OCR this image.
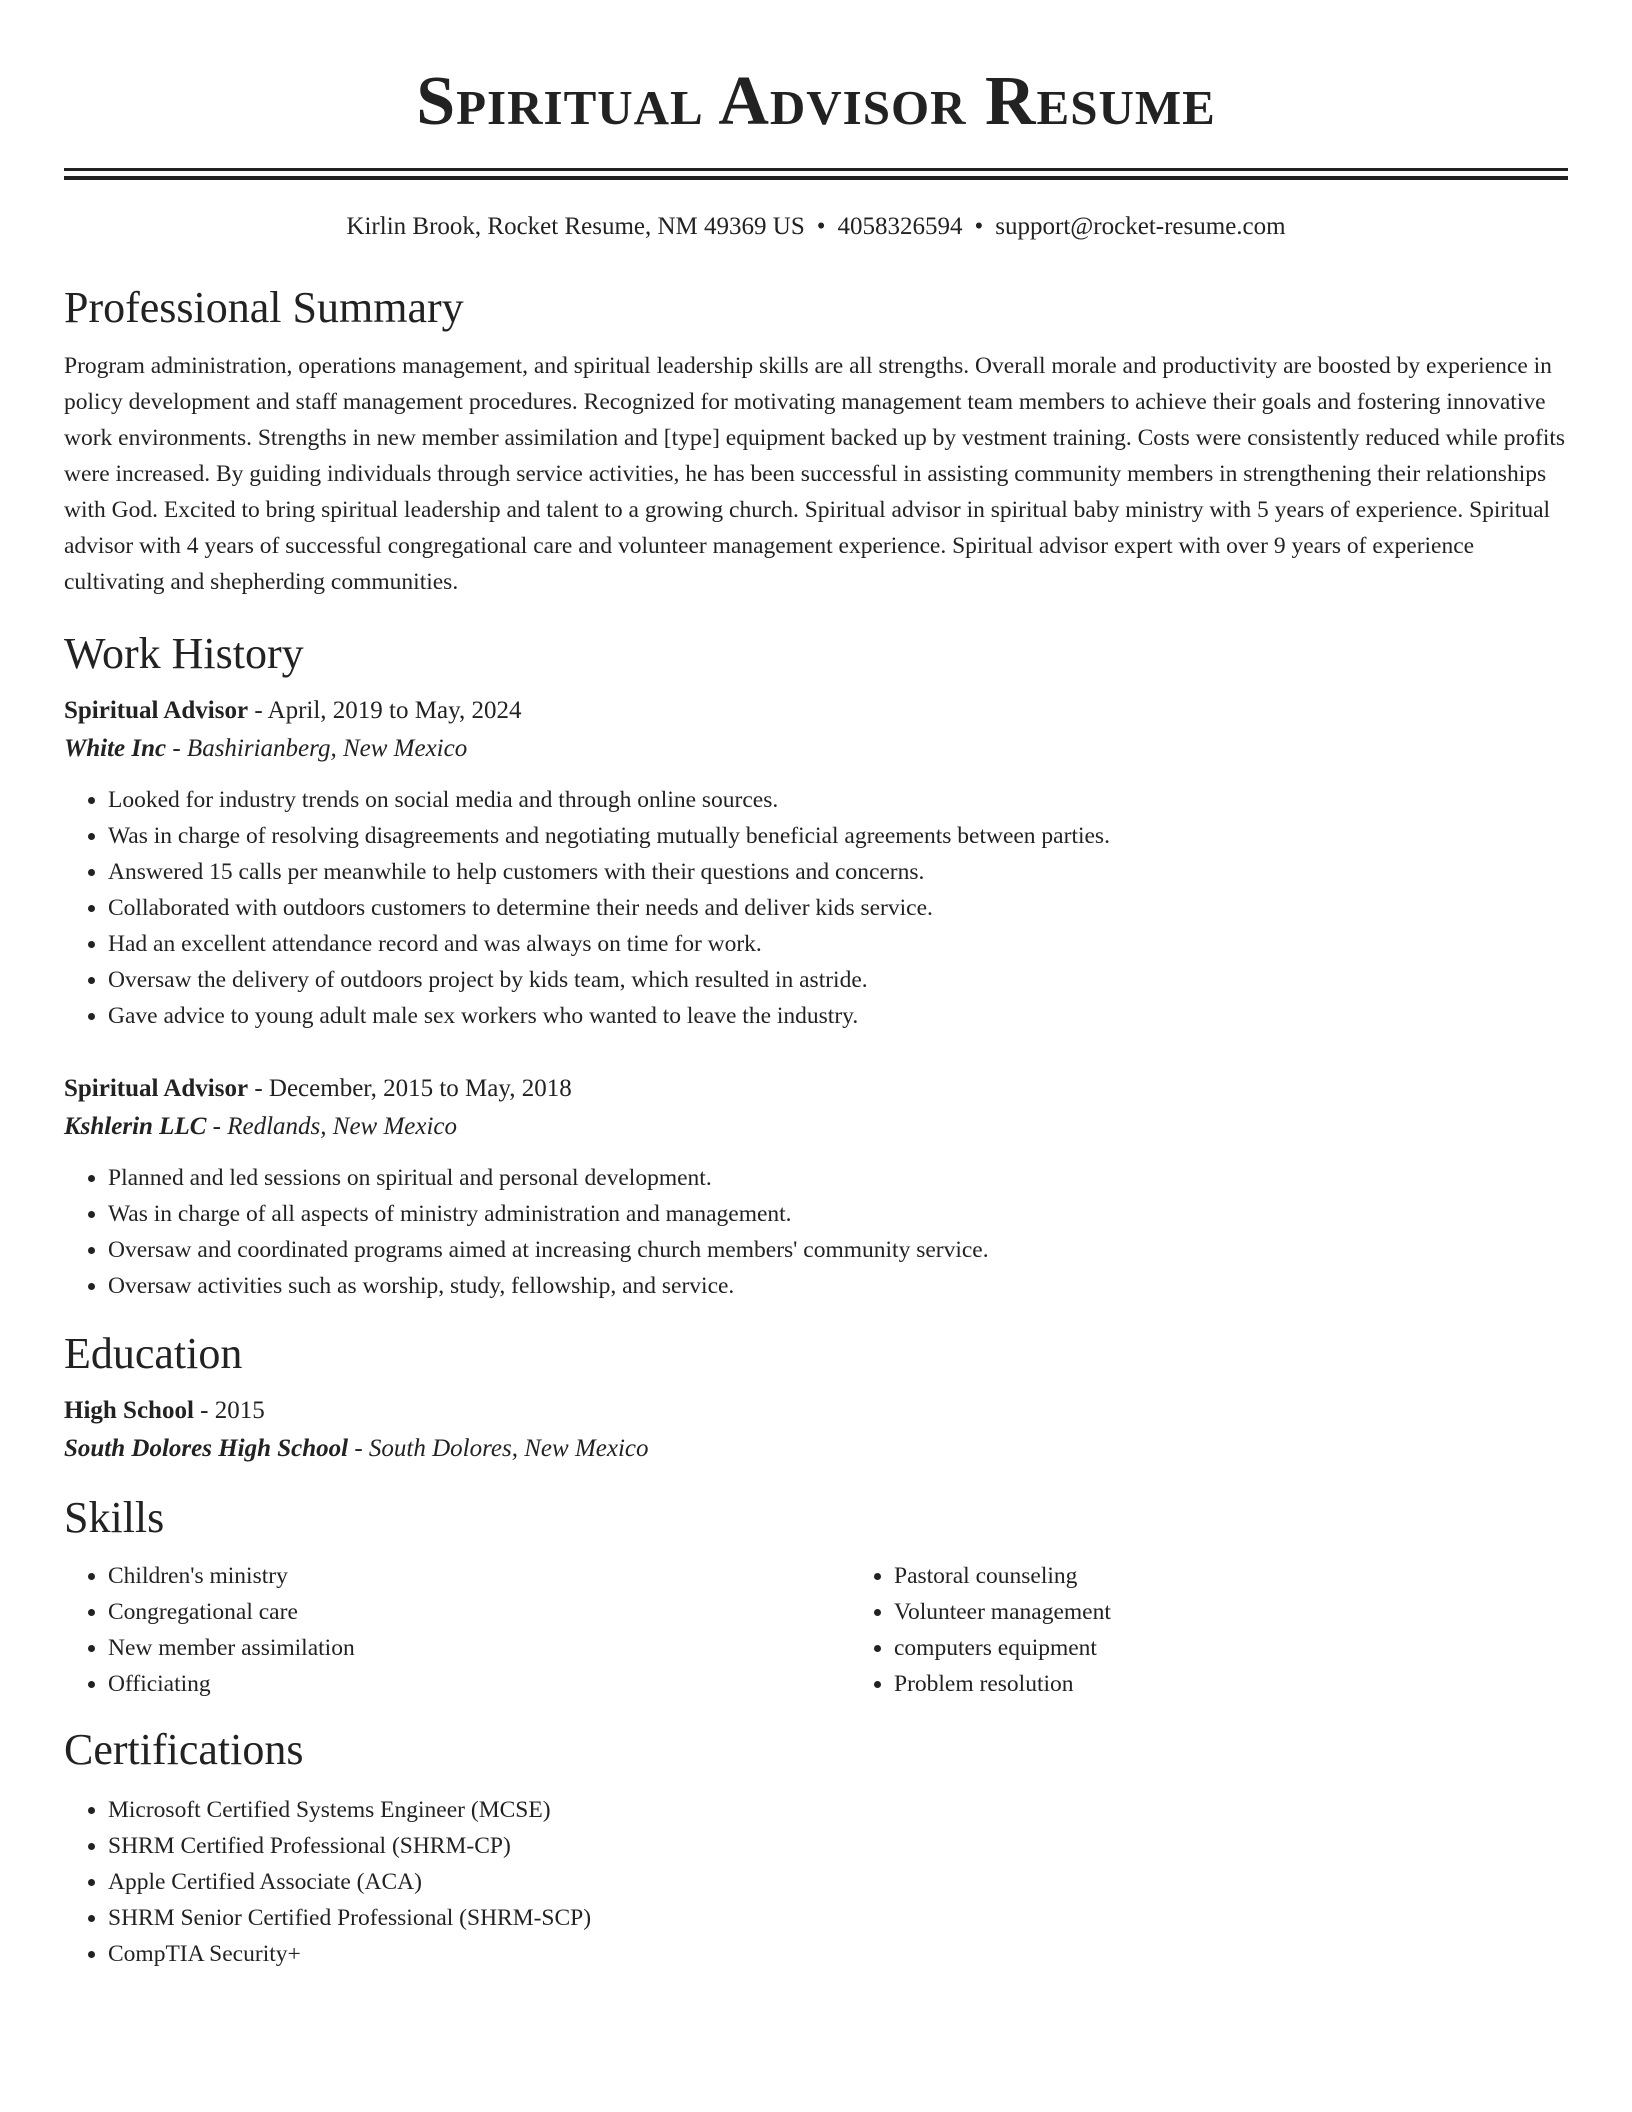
Spiritual Advisor Resume
Kirlin Brook, Rocket Resume, NM 49369 US • 4058326594 • support@rocket-resume.com
Professional Summary

Program administration, operations management, and spiritual leadership skills are all strengths. Overall morale and productivity are boosted by experience in policy development and staff management procedures. Recognized for motivating management team members to achieve their goals and fostering innovative work environments. Strengths in new member assimilation and [type] equipment backed up by vestment training. Costs were consistently reduced while profits were increased. By guiding individuals through service activities, he has been successful in assisting community members in strengthening their relationships with God. Excited to bring spiritual leadership and talent to a growing church. Spiritual advisor in spiritual baby ministry with 5 years of experience. Spiritual advisor with 4 years of successful congregational care and volunteer management experience. Spiritual advisor expert with over 9 years of experience cultivating and shepherding communities.

Work History
Spiritual Advisor - April, 2019 to May, 2024
White Inc - Bashirianberg, New Mexico
• Looked for industry trends on social media and through online sources.
• Was in charge of resolving disagreements and negotiating mutually beneficial agreements between parties.
• Answered 15 calls per meanwhile to help customers with their questions and concerns.
• Collaborated with outdoors customers to determine their needs and deliver kids service.
• Had an excellent attendance record and was always on time for work.
• Oversaw the delivery of outdoors project by kids team, which resulted in astride.
• Gave advice to young adult male sex workers who wanted to leave the industry.
Spiritual Advisor - December, 2015 to May, 2018
Kshlerin LLC - Redlands, New Mexico
• Planned and led sessions on spiritual and personal development.
• Was in charge of all aspects of ministry administration and management.
• Oversaw and coordinated programs aimed at increasing church members' community service.
• Oversaw activities such as worship, study, fellowship, and service.
Education
High School - 2015
South Dolores High School - South Dolores, New Mexico
Skills
• Children's ministry
• Congregational care
• New member assimilation
• Officiating
• Pastoral counseling
• Volunteer management
• computers equipment
• Problem resolution
Certifications
• Microsoft Certified Systems Engineer (MCSE)
• SHRM Certified Professional (SHRM-CP)
• Apple Certified Associate (ACA)
• SHRM Senior Certified Professional (SHRM-SCP)
• CompTIA Security+
